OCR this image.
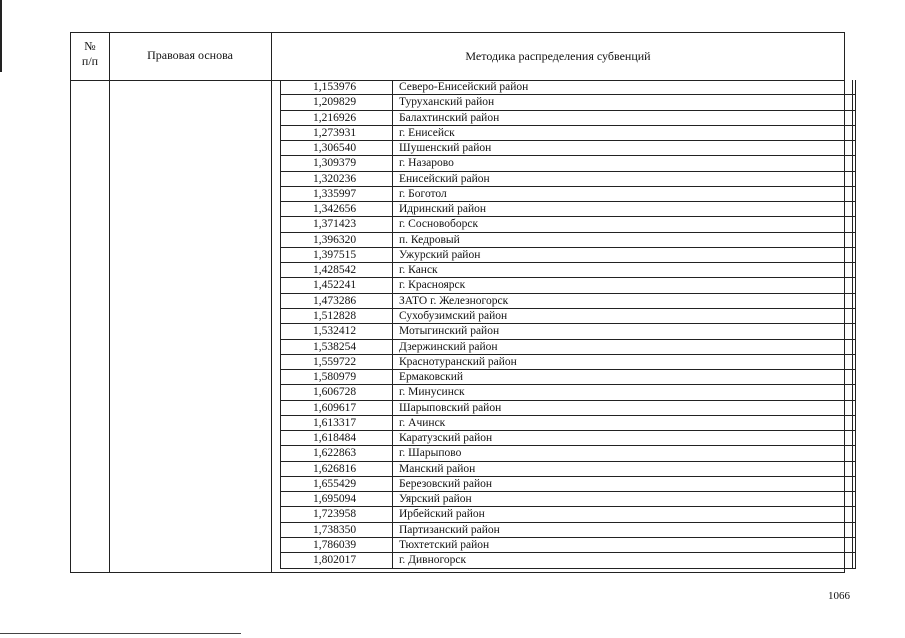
№ п/п	Правовая основа	Методика распределения субвенций
1,153976	Северо-Енисейский район
1,209829	Туруханский район
1,216926	Балахтинский район
1,273931	г. Енисейск
1,306540	Шушенский район
1,309379	г. Назарово
1,320236	Енисейский район
1,335997	г. Боготол
1,342656	Идринский район
1,371423	г. Сосновоборск
1,396320	п. Кедровый
1,397515	Ужурский район
1,428542	г. Канск
1,452241	г. Красноярск
1,473286	ЗАТО г. Железногорск
1,512828	Сухобузимский район
1,532412	Мотыгинский район
1,538254	Дзержинский район
1,559722	Краснотуранский район
1,580979	Ермаковский
1,606728	г. Минусинск
1,609617	Шарыповский район
1,613317	г. Ачинск
1,618484	Каратузский район
1,622863	г. Шарыпово
1,626816	Манский район
1,655429	Березовский район
1,695094	Уярский район
1,723958	Ирбейский район
1,738350	Партизанский район
1,786039	Тюхтетский район
1,802017	г. Дивногорск
1066
